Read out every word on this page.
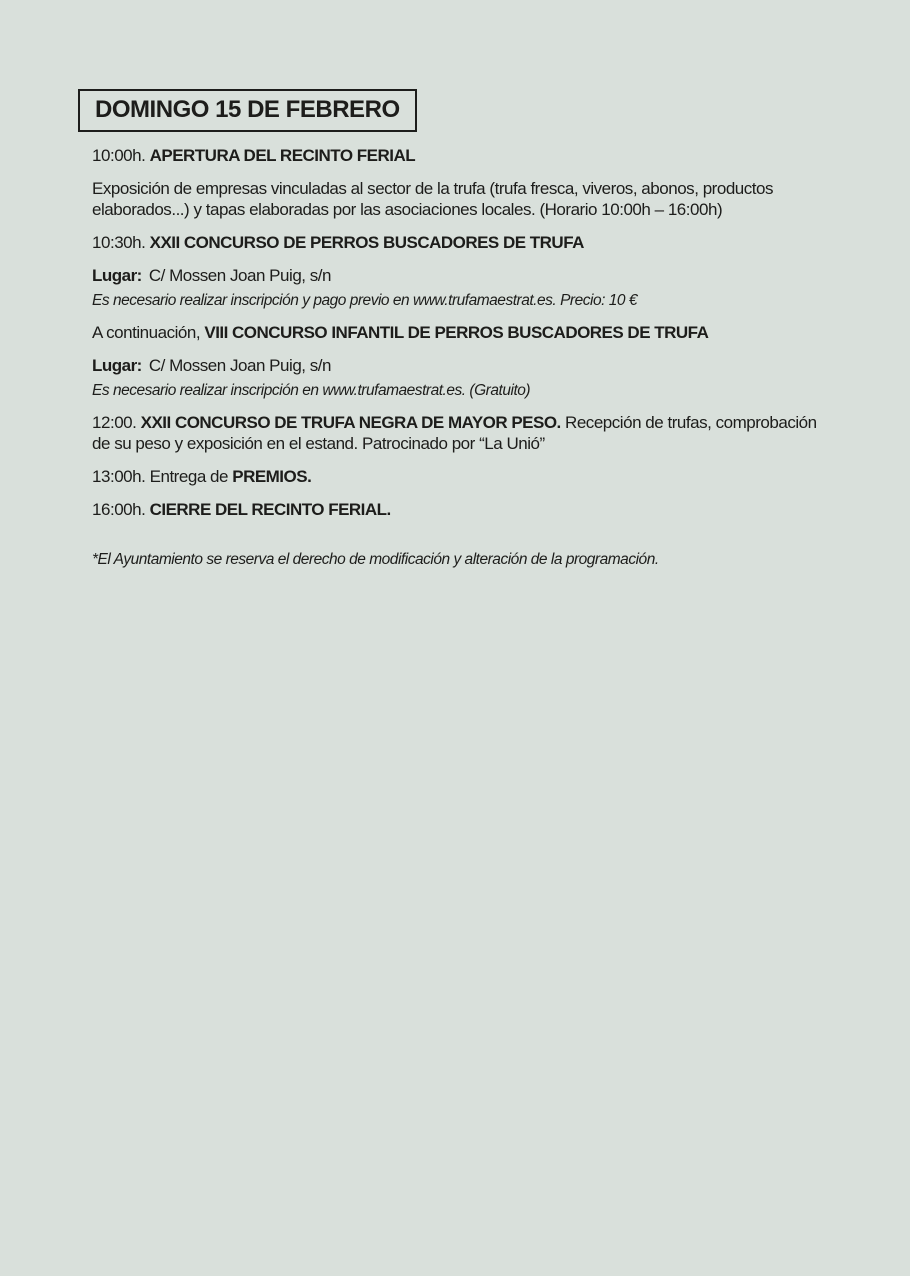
DOMINGO 15 DE FEBRERO

10:00h. APERTURA DEL RECINTO FERIAL

Exposición de empresas vinculadas al sector de la trufa (trufa fresca, viveros, abonos, productos elaborados...) y tapas elaboradas por las asociaciones locales. (Horario 10:00h – 16:00h)

10:30h. XXII CONCURSO DE PERROS BUSCADORES DE TRUFA

Lugar: C/ Mossen Joan Puig, s/n

Es necesario realizar inscripción y pago previo en www.trufamaestrat.es. Precio: 10 €

A continuación, VIII CONCURSO INFANTIL DE PERROS BUSCADORES DE TRUFA

Lugar: C/ Mossen Joan Puig, s/n

Es necesario realizar inscripción en www.trufamaestrat.es. (Gratuito)

12:00. XXII CONCURSO DE TRUFA NEGRA DE MAYOR PESO. Recepción de trufas, comprobación de su peso y exposición en el estand. Patrocinado por “La Unió”

13:00h. Entrega de PREMIOS.

16:00h. CIERRE DEL RECINTO FERIAL.

*El Ayuntamiento se reserva el derecho de modificación y alteración de la programación.
